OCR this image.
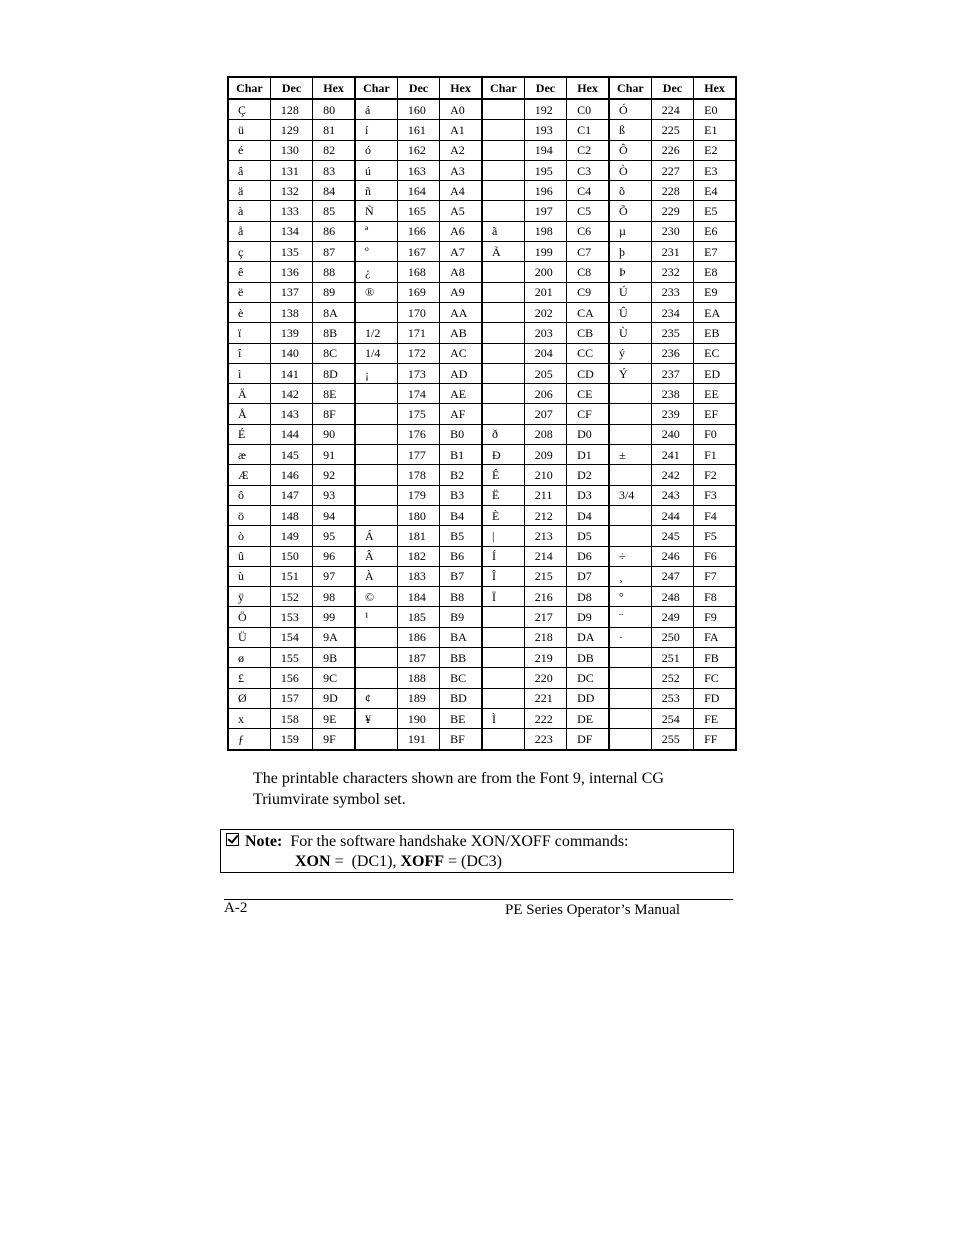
Char	Dec	Hex	Char	Dec	Hex	Char	Dec	Hex	Char	Dec	Hex
Ç	128	80	á	160	A0		192	C0	Ó	224	E0
ü	129	81	í	161	A1		193	C1	ß	225	E1
é	130	82	ó	162	A2		194	C2	Ô	226	E2
â	131	83	ú	163	A3		195	C3	Ò	227	E3
ä	132	84	ñ	164	A4		196	C4	õ	228	E4
à	133	85	Ñ	165	A5		197	C5	Õ	229	E5
å	134	86	ª	166	A6	ã	198	C6	µ	230	E6
ç	135	87	º	167	A7	Ã	199	C7	þ	231	E7
ê	136	88	¿	168	A8		200	C8	Þ	232	E8
ë	137	89	®	169	A9		201	C9	Ú	233	E9
è	138	8A		170	AA		202	CA	Û	234	EA
ï	139	8B	1/2	171	AB		203	CB	Ù	235	EB
î	140	8C	1/4	172	AC		204	CC	ý	236	EC
ì	141	8D	¡	173	AD		205	CD	Ý	237	ED
Ä	142	8E		174	AE		206	CE		238	EE
Å	143	8F		175	AF		207	CF		239	EF
É	144	90		176	B0	ð	208	D0		240	F0
æ	145	91		177	B1	Ð	209	D1	±	241	F1
Æ	146	92		178	B2	Ê	210	D2		242	F2
ô	147	93		179	B3	Ë	211	D3	3/4	243	F3
ö	148	94		180	B4	È	212	D4		244	F4
ò	149	95	Á	181	B5	|	213	D5		245	F5
û	150	96	Â	182	B6	Í	214	D6	÷	246	F6
ù	151	97	À	183	B7	Î	215	D7	¸	247	F7
ÿ	152	98	©	184	B8	Ï	216	D8	°	248	F8
Ö	153	99	¹	185	B9		217	D9	¨	249	F9
Ü	154	9A		186	BA		218	DA	·	250	FA
ø	155	9B		187	BB		219	DB		251	FB
£	156	9C		188	BC		220	DC		252	FC
Ø	157	9D	¢	189	BD		221	DD		253	FD
x	158	9E	¥	190	BE	Ì	222	DE		254	FE
ƒ	159	9F		191	BF		223	DF		255	FF
The printable characters shown are from the Font 9, internal CG Triumvirate symbol set.
Note: For the software handshake XON/XOFF commands:
XON =  (DC1), XOFF = (DC3)
A-2	PE Series Operator’s Manual
